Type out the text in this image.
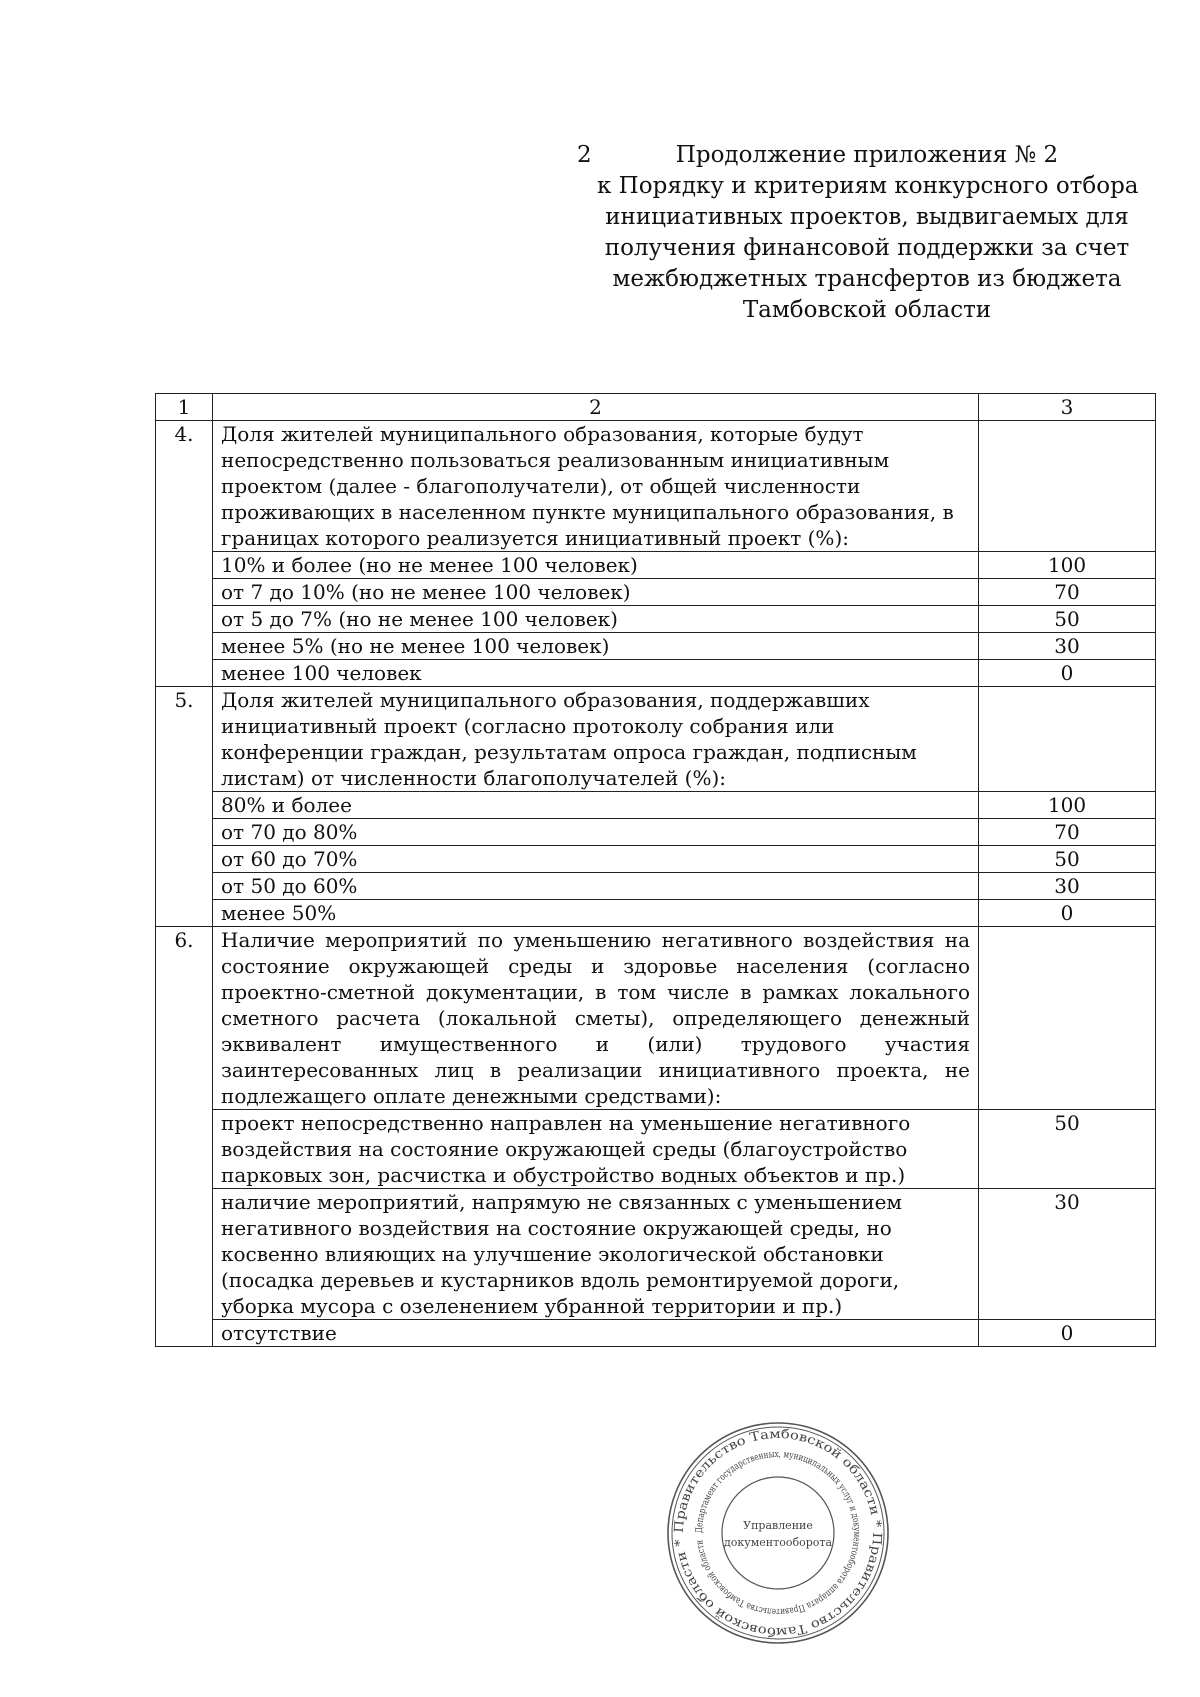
2	Продолжение приложения № 2
к Порядку и критериям конкурсного отбора
инициативных проектов, выдвигаемых для
получения финансовой поддержки за счет
межбюджетных трансфертов из бюджета
Тамбовской области
1	2	3
4.	Доля жителей муниципального образования, которые будут непосредственно пользоваться реализованным инициативным проектом (далее - благополучатели), от общей численности проживающих в населенном пункте муниципального образования, в границах которого реализуется инициативный проект (%):	
	10% и более (но не менее 100 человек)	100
	от 7 до 10% (но не менее 100 человек)	70
	от 5 до 7% (но не менее 100 человек)	50
	менее 5% (но не менее 100 человек)	30
	менее 100 человек	0
5.	Доля жителей муниципального образования, поддержавших инициативный проект (согласно протоколу собрания или конференции граждан, результатам опроса граждан, подписным листам) от численности благополучателей (%):	
	80% и более	100
	от 70 до 80%	70
	от 60 до 70%	50
	от 50 до 60%	30
	менее 50%	0
6.	Наличие мероприятий по уменьшению негативного воздействия на состояние окружающей среды и здоровье населения (согласно проектно-сметной документации, в том числе в рамках локального сметного расчета (локальной сметы), определяющего денежный эквивалент имущественного и (или) трудового участия заинтересованных лиц в реализации инициативного проекта, не подлежащего оплате денежными средствами):	
	проект непосредственно направлен на уменьшение негативного воздействия на состояние окружающей среды (благоустройство парковых зон, расчистка и обустройство водных объектов и пр.)	50
	наличие мероприятий, напрямую не связанных с уменьшением негативного воздействия на состояние окружающей среды, но косвенно влияющих на улучшение экологической обстановки (посадка деревьев и кустарников вдоль ремонтируемой дороги, уборка мусора с озеленением убранной территории и пр.)	30
	отсутствие	0
Правительство Тамбовской области * Правительство Тамбовской области *
Департамент государственных, муниципальных услуг и документооборота аппарата Правительства Тамбовской области
Управление
документооборота
